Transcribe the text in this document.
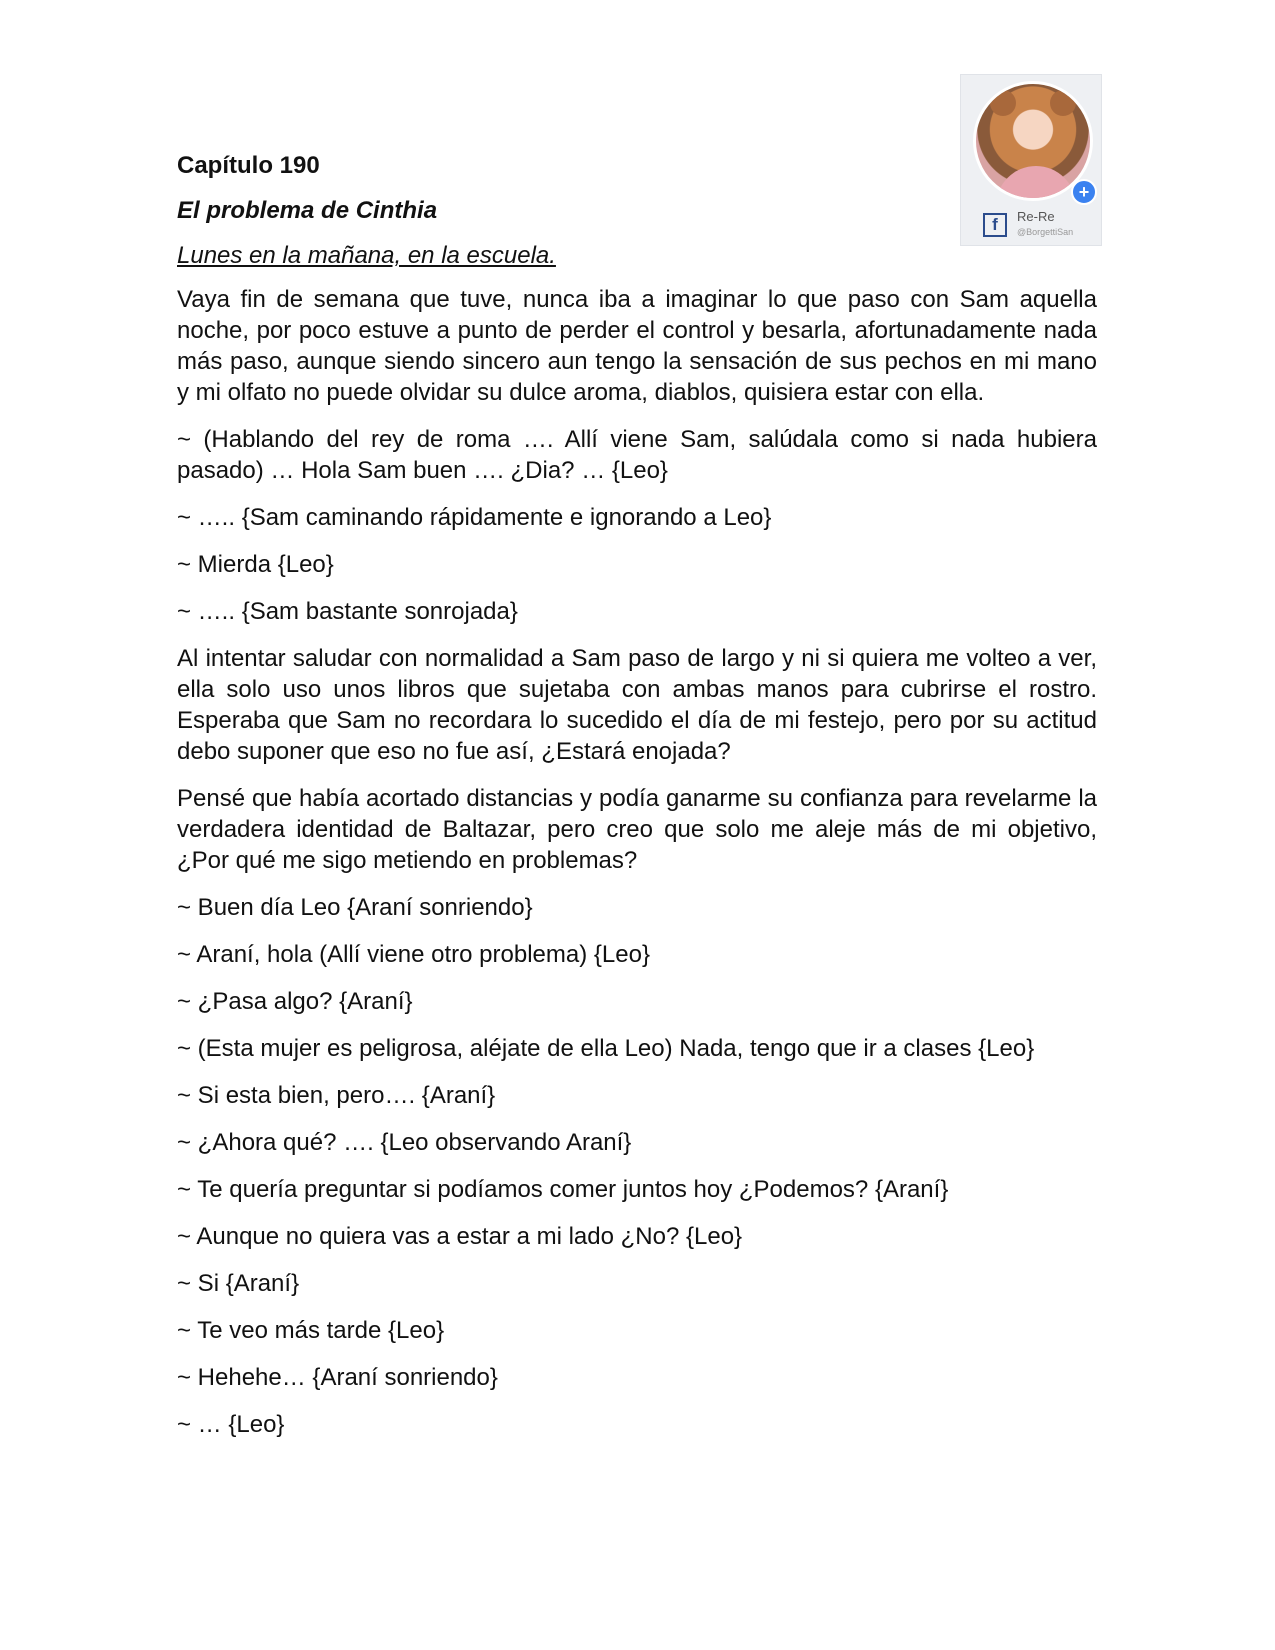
+
f	Re-Re
@BorgettiSan
Capítulo 190
El problema de Cinthia
Lunes en la mañana, en la escuela.

Vaya fin de semana que tuve, nunca iba a imaginar lo que paso con Sam aquella noche, por poco estuve a punto de perder el control y besarla, afortunadamente nada más paso, aunque siendo sincero aun tengo la sensación de sus pechos en mi mano y mi olfato no puede olvidar su dulce aroma, diablos, quisiera estar con ella.

~ (Hablando del rey de roma …. Allí viene Sam, salúdala como si nada hubiera pasado) … Hola Sam buen …. ¿Dia? … {Leo}

~ ….. {Sam caminando rápidamente e ignorando a Leo}

~ Mierda {Leo}

~ ….. {Sam bastante sonrojada}

Al intentar saludar con normalidad a Sam paso de largo y ni si quiera me volteo a ver, ella solo uso unos libros que sujetaba con ambas manos para cubrirse el rostro. Esperaba que Sam no recordara lo sucedido el día de mi festejo, pero por su actitud debo suponer que eso no fue así, ¿Estará enojada?

Pensé que había acortado distancias y podía ganarme su confianza para revelarme la verdadera identidad de Baltazar, pero creo que solo me aleje más de mi objetivo, ¿Por qué me sigo metiendo en problemas?

~ Buen día Leo {Araní sonriendo}

~ Araní, hola (Allí viene otro problema) {Leo}

~ ¿Pasa algo? {Araní}

~ (Esta mujer es peligrosa, aléjate de ella Leo) Nada, tengo que ir a clases {Leo}

~ Si esta bien, pero…. {Araní}

~ ¿Ahora qué? …. {Leo observando Araní}

~ Te quería preguntar si podíamos comer juntos hoy ¿Podemos? {Araní}

~ Aunque no quiera vas a estar a mi lado ¿No? {Leo}

~ Si {Araní}

~ Te veo más tarde {Leo}

~ Hehehe… {Araní sonriendo}

~ … {Leo}
